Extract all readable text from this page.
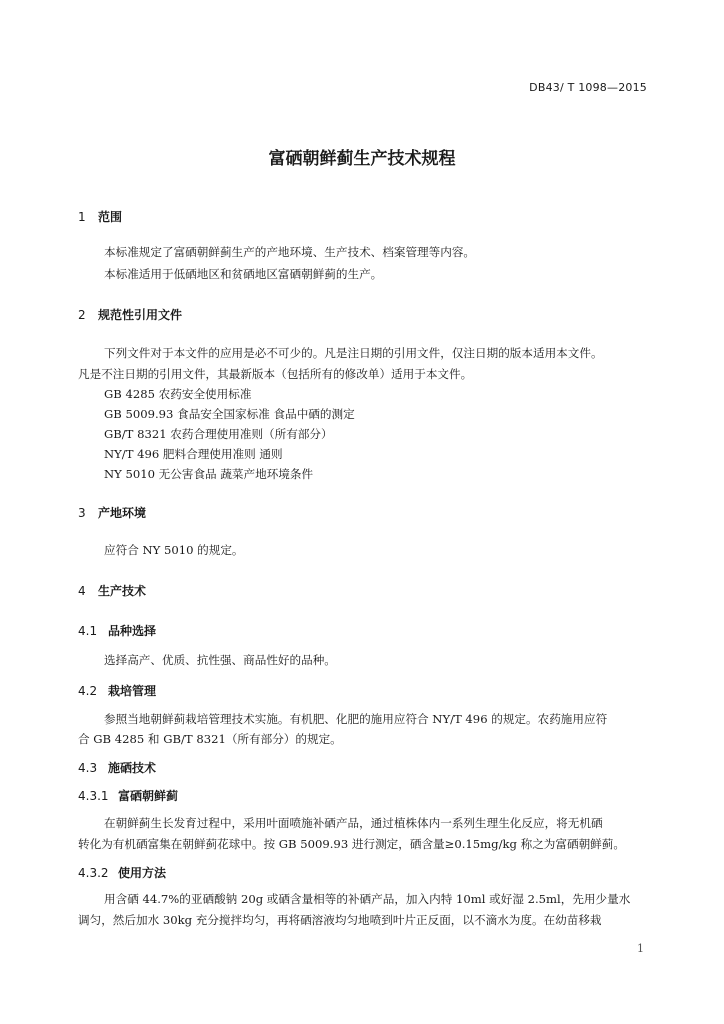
DB43/ T 1098—2015
富硒朝鲜蓟生产技术规程
1 范围
本标准规定了富硒朝鲜蓟生产的产地环境、生产技术、档案管理等内容。
本标准适用于低硒地区和贫硒地区富硒朝鲜蓟的生产。
2 规范性引用文件
下列文件对于本文件的应用是必不可少的。凡是注日期的引用文件，仅注日期的版本适用本文件。
凡是不注日期的引用文件，其最新版本（包括所有的修改单）适用于本文件。
GB 4285 农药安全使用标准
GB 5009.93 食品安全国家标准 食品中硒的测定
GB/T 8321 农药合理使用准则（所有部分）
NY/T 496 肥料合理使用准则 通则
NY 5010 无公害食品 蔬菜产地环境条件
3 产地环境
应符合 NY 5010 的规定。
4 生产技术
4.1 品种选择
选择高产、优质、抗性强、商品性好的品种。
4.2 栽培管理
参照当地朝鲜蓟栽培管理技术实施。有机肥、化肥的施用应符合 NY/T 496 的规定。农药施用应符
合 GB 4285 和 GB/T 8321（所有部分）的规定。
4.3 施硒技术
4.3.1 富硒朝鲜蓟
在朝鲜蓟生长发育过程中，采用叶面喷施补硒产品，通过植株体内一系列生理生化反应，将无机硒
转化为有机硒富集在朝鲜蓟花球中。按 GB 5009.93 进行测定，硒含量≥0.15mg/kg 称之为富硒朝鲜蓟。
4.3.2 使用方法
用含硒 44.7%的亚硒酸钠 20g 或硒含量相等的补硒产品，加入内特 10ml 或好湿 2.5ml，先用少量水
调匀，然后加水 30kg 充分搅拌均匀，再将硒溶液均匀地喷到叶片正反面，以不滴水为度。在幼苗移栽
1
